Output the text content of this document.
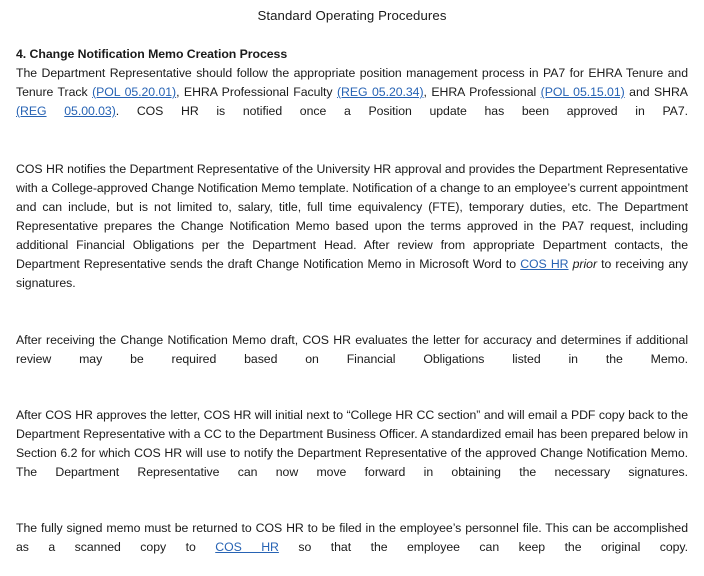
Standard Operating Procedures
4. Change Notification Memo Creation Process

The Department Representative should follow the appropriate position management process in PA7 for EHRA Tenure and Tenure Track (POL 05.20.01), EHRA Professional Faculty (REG 05.20.34), EHRA Professional (POL 05.15.01) and SHRA (REG 05.00.03). COS HR is notified once a Position update has been approved in PA7.

COS HR notifies the Department Representative of the University HR approval and provides the Department Representative with a College-approved Change Notification Memo template. Notification of a change to an employee’s current appointment and can include, but is not limited to, salary, title, full time equivalency (FTE), temporary duties, etc. The Department Representative prepares the Change Notification Memo based upon the terms approved in the PA7 request, including additional Financial Obligations per the Department Head. After review from appropriate Department contacts, the Department Representative sends the draft Change Notification Memo in Microsoft Word to COS HR prior to receiving any signatures.

After receiving the Change Notification Memo draft, COS HR evaluates the letter for accuracy and determines if additional review may be required based on Financial Obligations listed in the Memo.

After COS HR approves the letter, COS HR will initial next to “College HR CC section” and will email a PDF copy back to the Department Representative with a CC to the Department Business Officer. A standardized email has been prepared below in Section 6.2 for which COS HR will use to notify the Department Representative of the approved Change Notification Memo. The Department Representative can now move forward in obtaining the necessary signatures.

The fully signed memo must be returned to COS HR to be filed in the employee’s personnel file. This can be accomplished as a scanned copy to COS HR so that the employee can keep the original copy.
